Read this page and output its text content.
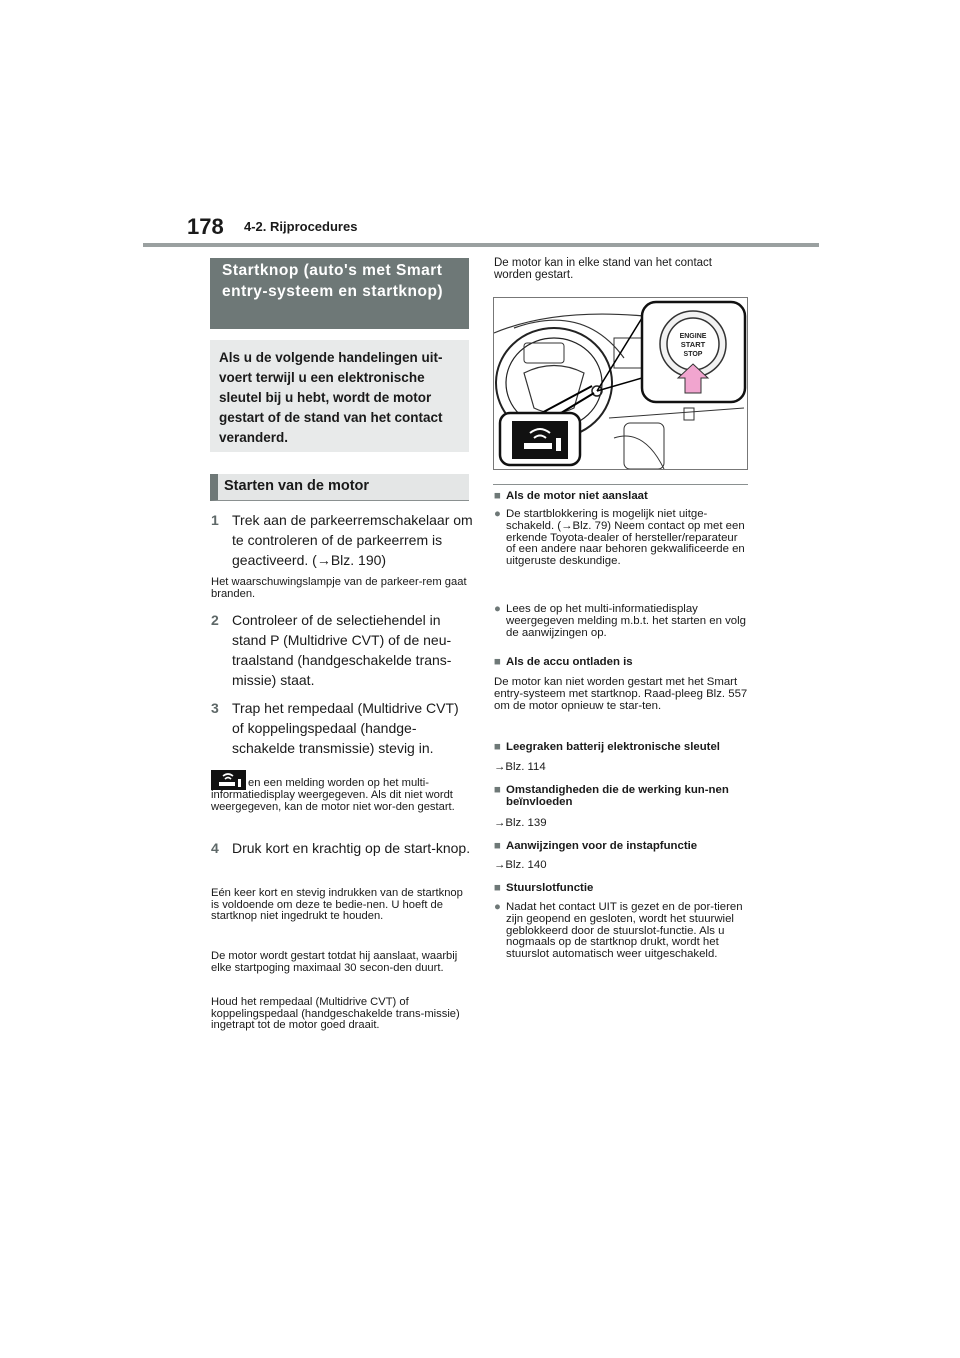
178 4-2. Rijprocedures
Startknop (auto's met Smart entry-systeem en startknop)
Als u de volgende handelingen uit-voert terwijl u een elektronische sleutel bij u hebt, wordt de motor gestart of de stand van het contact veranderd.
Starten van de motor
1 Trek aan de parkeerremschakelaar om te controleren of de parkeerrem is geactiveerd. (→Blz. 190)
Het waarschuwingslampje van de parkeer-rem gaat branden.
2 Controleer of de selectiehendel in stand P (Multidrive CVT) of de neu-traalstand (handgeschakelde trans-missie) staat.
3 Trap het rempedaal (Multidrive CVT) of koppelingspedaal (handge-schakelde transmissie) stevig in.
en een melding worden op het multi-informatiedisplay weergegeven. Als dit niet wordt weergegeven, kan de motor niet wor-den gestart.
4 Druk kort en krachtig op de start-knop.
Eén keer kort en stevig indrukken van de startknop is voldoende om deze te bedie-nen. U hoeft de startknop niet ingedrukt te houden.
De motor wordt gestart totdat hij aanslaat, waarbij elke startpoging maximaal 30 secon-den duurt.
Houd het rempedaal (Multidrive CVT) of koppelingspedaal (handgeschakelde trans-missie) ingetrapt tot de motor goed draait.
De motor kan in elke stand van het contact worden gestart.
ENGINE
START
STOP
■ Als de motor niet aanslaat
● De startblokkering is mogelijk niet uitge-schakeld. (→Blz. 79) Neem contact op met een erkende Toyota-dealer of hersteller/reparateur of een andere naar behoren gekwalificeerde en uitgeruste deskundige.
● Lees de op het multi-informatiedisplay weergegeven melding m.b.t. het starten en volg de aanwijzingen op.
■ Als de accu ontladen is
De motor kan niet worden gestart met het Smart entry-systeem met startknop. Raad-pleeg Blz. 557 om de motor opnieuw te star-ten.
■ Leegraken batterij elektronische sleutel
→Blz. 114
■ Omstandigheden die de werking kun-nen beïnvloeden
→Blz. 139
■ Aanwijzingen voor de instapfunctie
→Blz. 140
■ Stuurslotfunctie
● Nadat het contact UIT is gezet en de por-tieren zijn geopend en gesloten, wordt het stuurwiel geblokkeerd door de stuurslot-functie. Als u nogmaals op de startknop drukt, wordt het stuurslot automatisch weer uitgeschakeld.
